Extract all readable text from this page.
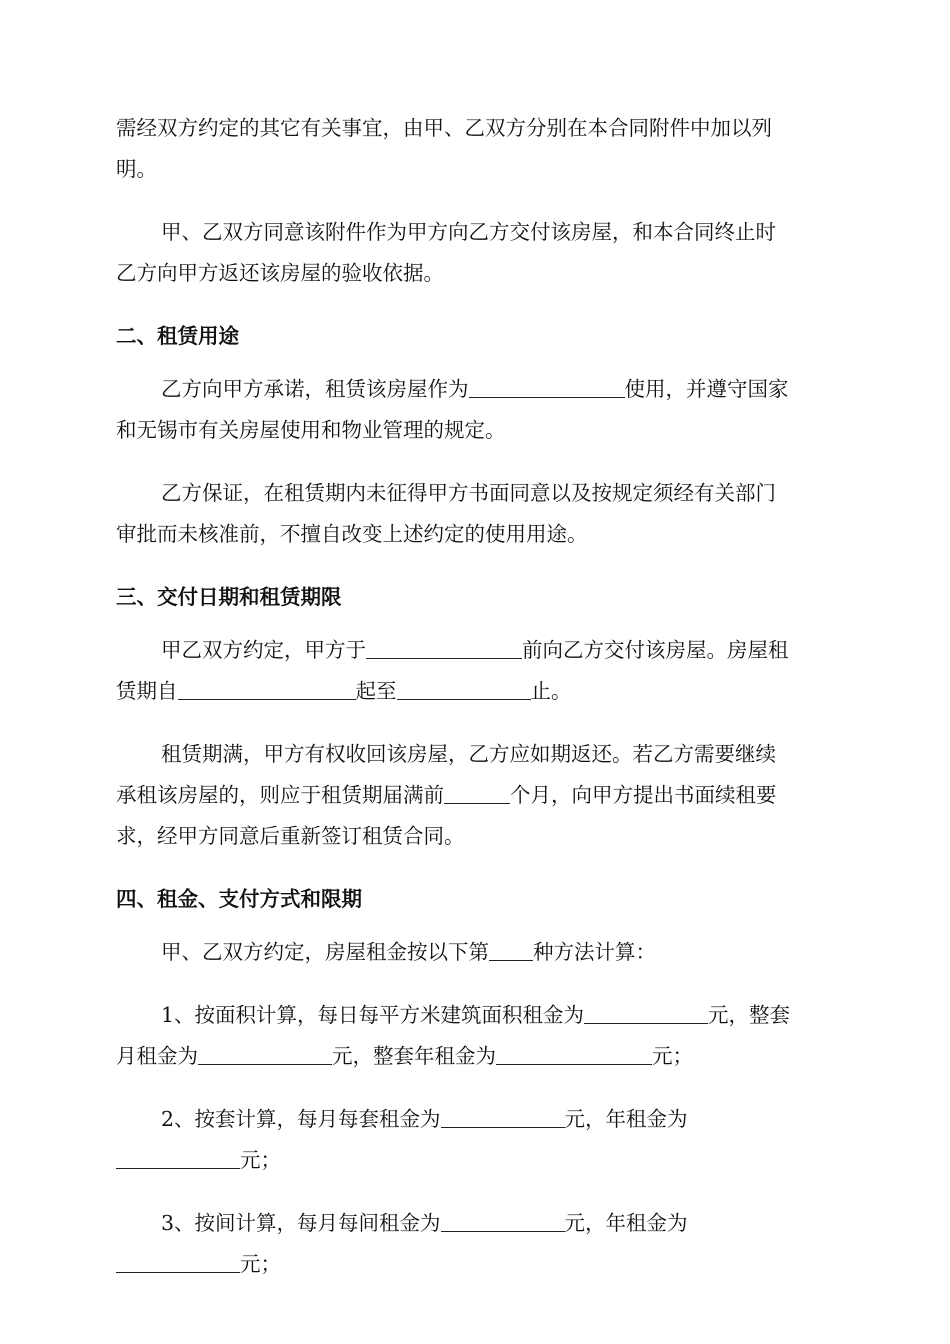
需经双方约定的其它有关事宜，由甲、乙双方分别在本合同附件中加以列
明。

甲、乙双方同意该附件作为甲方向乙方交付该房屋，和本合同终止时
乙方向甲方返还该房屋的验收依据。

二、租赁用途

乙方向甲方承诺，租赁该房屋作为	使用，并遵守国家
和无锡市有关房屋使用和物业管理的规定。

乙方保证，在租赁期内未征得甲方书面同意以及按规定须经有关部门
审批而未核准前，不擅自改变上述约定的使用用途。

三、交付日期和租赁期限

甲乙双方约定，甲方于	前向乙方交付该房屋。房屋租
赁期自	起至	止。

租赁期满，甲方有权收回该房屋，乙方应如期返还。若乙方需要继续
承租该房屋的，则应于租赁期届满前	个月，向甲方提出书面续租要
求，经甲方同意后重新签订租赁合同。

四、租金、支付方式和限期

甲、乙双方约定，房屋租金按以下第 种方法计算：

1、按面积计算，每日每平方米建筑面积租金为	元，整套
月租金为	元，整套年租金为	元；

2、按套计算，每月每套租金为	元，年租金为
元；

3、按间计算，每月每间租金为	元，年租金为
元；
